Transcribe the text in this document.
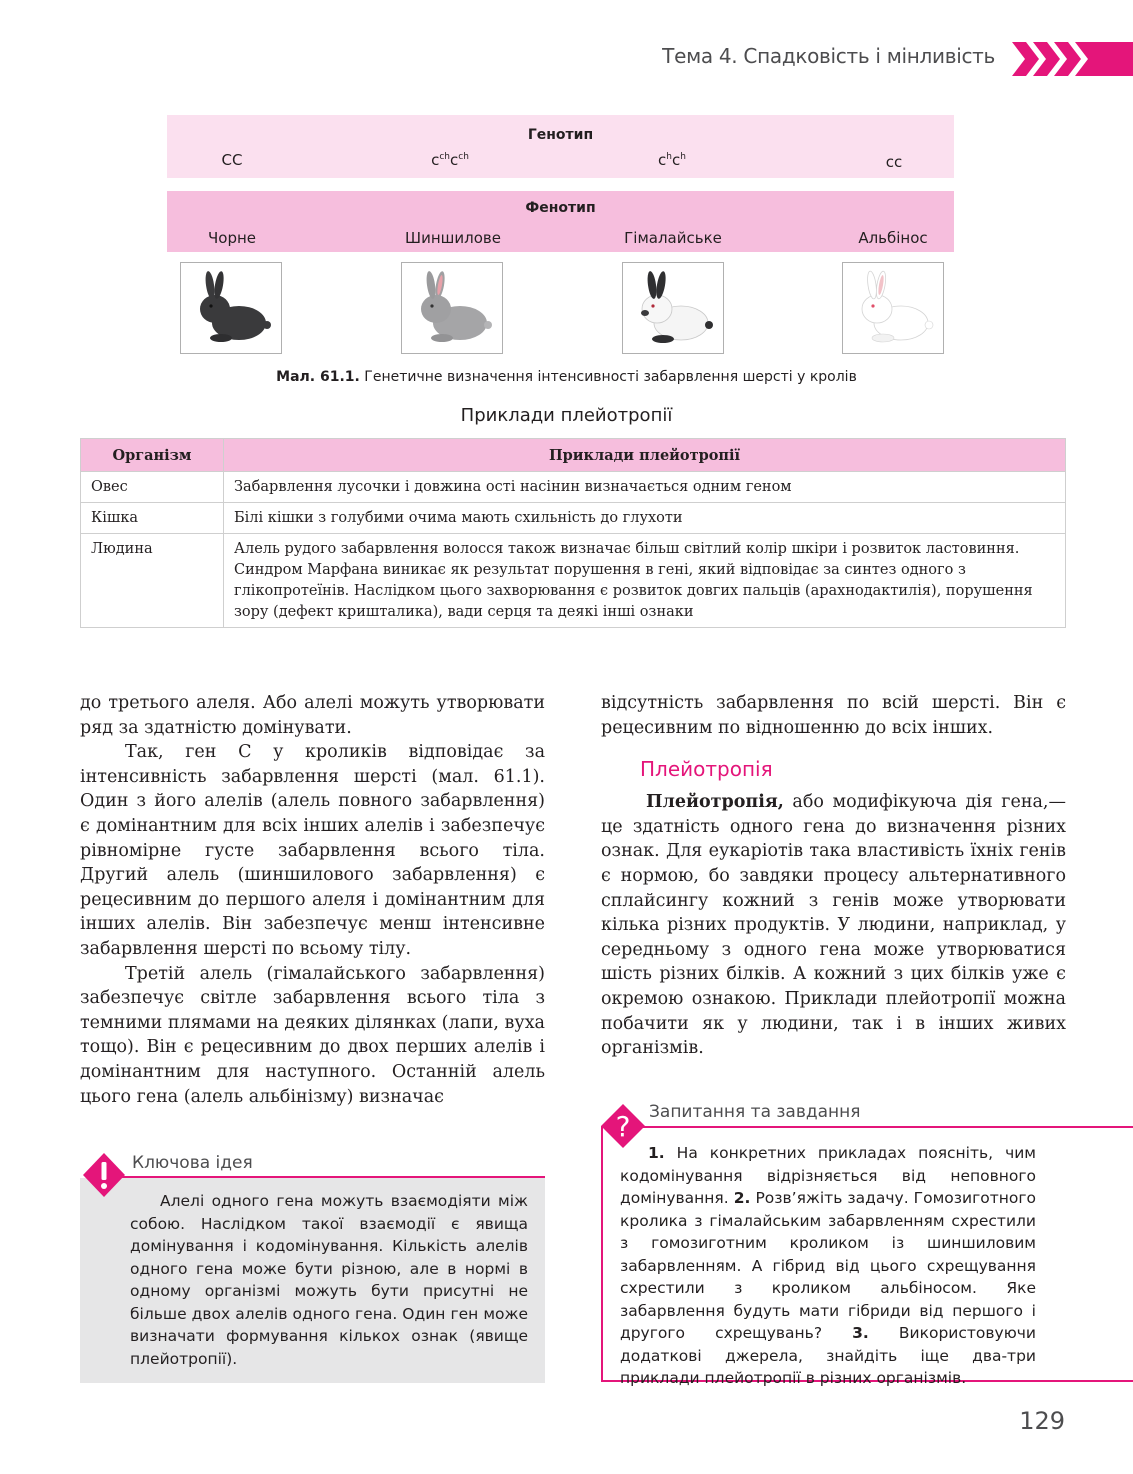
Тема 4. Спадковість і мінливість
Генотип
CC	$c^{ch}c^{ch}$	$c^hc^h$	cc
Фенотип
Чорне	Шиншилове	Гімалайське	Альбінос
Мал. 61.1. Генетичне визначення інтенсивності забарвлення шерсті у кролів
Приклади плейотропії
Організм	Приклади плейотропії
Овес	Забарвлення лусочки і довжина остi насінин визначається одним геном

Кішка	Білі кішки з голубими очима мають схильність до глухоти

Людина	Алель рудого забарвлення волосся також визначає більш світлий колір шкіри і розвиток ластовиння.
Синдром Марфана виникає як результат порушення в гені, який відповідає за синтез одного з глікопротеїнів. Наслідком цього захворювання є розвиток довгих пальців (арахнодактилія), порушення зору (дефект кришталика), вади серця та деякі інші ознаки

до третього алеля. Або алелі можуть утворювати ряд за здатністю домінувати.

Так, ген C у кроликів відповідає за інтенсивність забарвлення шерсті (мал. 61.1). Один з його алелів (алель повного забарвлення) є домінантним для всіх інших алелів і забезпечує рівномірне густе забарвлення всього тіла. Другий алель (шиншилового забарвлення) є рецесивним до першого алеля і домінантним для інших алелів. Він забезпечує менш інтенсивне забарвлення шерсті по всьому тілу.

Третій алель (гімалайського забарвлення) забезпечує світле забарвлення всього тіла з темними плямами на деяких ділянках (лапи, вуха тощо). Він є рецесивним до двох перших алелів і домінантним для наступного. Останній алель цього гена (алель альбінізму) визначає

відсутність забарвлення по всій шерсті. Він є рецесивним по відношенню до всіх інших.

Плейотропія

Плейотропія, або модифікуюча дія гена,— це здатність одного гена до визначення різних ознак. Для еукаріотів така властивість їхніх генів є нормою, бо завдяки процесу альтернативного сплайсингу кожний з генів може утворювати кілька різних продуктів. У людини, наприклад, у середньому з одного гена може утворюватися шість різних білків. А кожний з цих білків уже є окремою ознакою. Приклади плейотропії можна побачити як у людини, так і в інших живих організмів.

Ключова ідея
Алелі одного гена можуть взаємодіяти між собою. Наслідком такої взаємодії є явища домінування і кодомінування. Кількість алелів одного гена може бути різною, але в нормі в одному організмі можуть бути присутні не більше двох алелів одного гена. Один ген може визначати формування кількох ознак (явище плейотропії).
? Запитання та завдання
1. На конкретних прикладах поясніть, чим кодомінування відрізняється від неповного домінування. 2. Розв’яжіть задачу. Гомозиготного кролика з гімалайським забарвленням схрестили з гомозиготним кроликом із шиншиловим забарвленням. А гібрид від цього схрещування схрестили з кроликом альбіносом. Яке забарвлення будуть мати гібриди від першого і другого схрещувань? 3. Використовуючи додаткові джерела, знайдіть іще два-три приклади плейотропії в різних організмів.
129
